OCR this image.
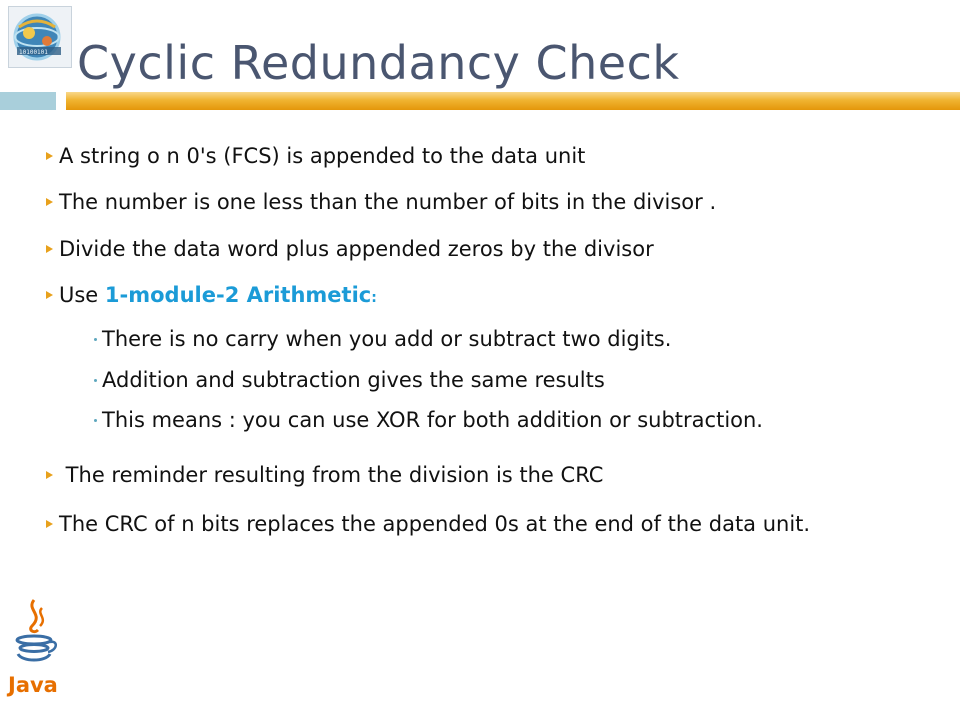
10100101 Cyclic Redundancy Check
A string o n 0's (FCS) is appended to the data unit
The number is one less than the number of bits in the divisor .
Divide the data word plus appended zeros by the divisor
Use 1-module-2 Arithmetic:
There is no carry when you add or subtract two digits.
Addition and subtraction gives the same results
This means : you can use XOR for both addition or subtraction.
The reminder resulting from the division is the CRC
The CRC of n bits replaces the appended 0s at the end of the data unit.
Java
